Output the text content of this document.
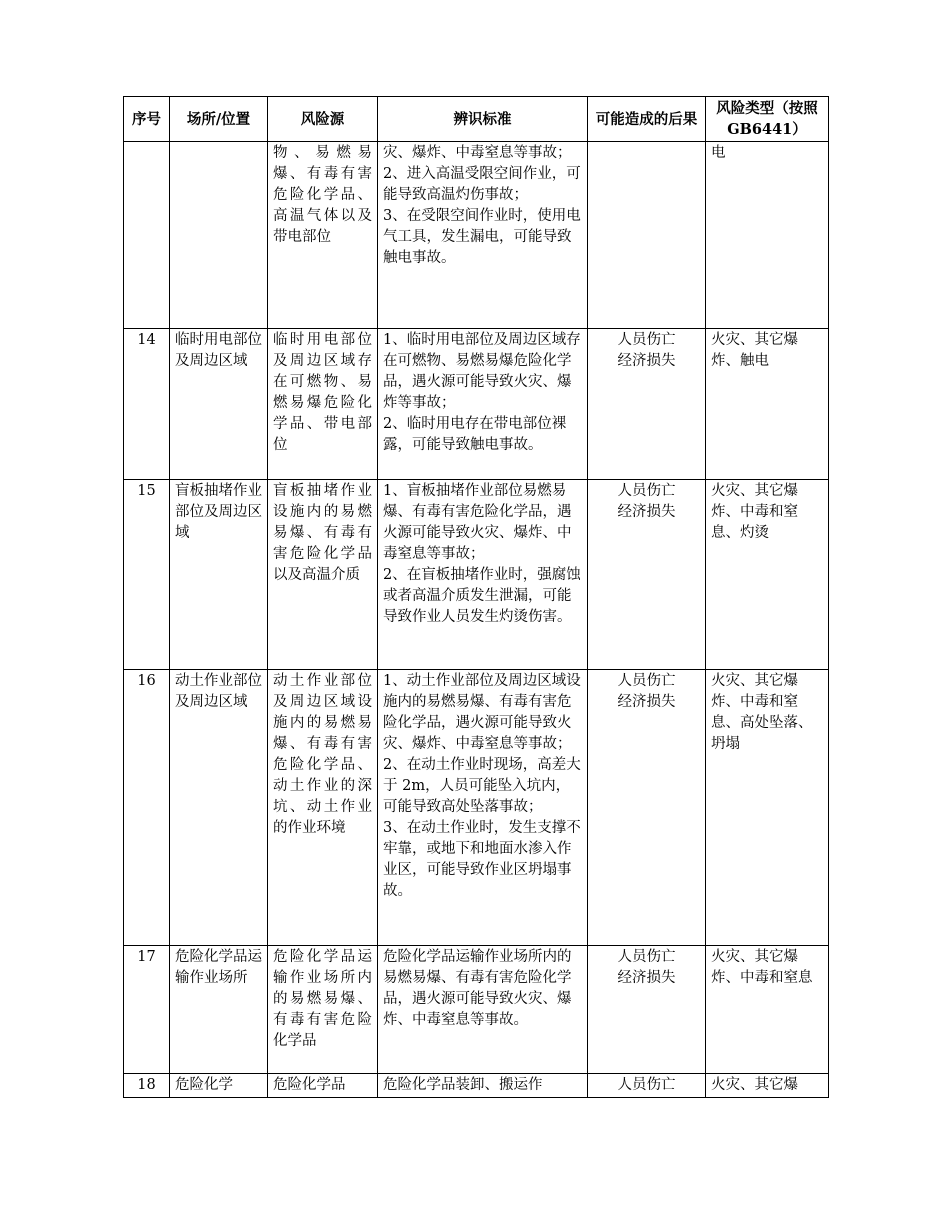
序号	场所/位置	风险源	辨识标准	可能造成的后果	风险类型（按照 GB6441）
		物、易燃易爆、有毒有害危险化学品、高温气体以及带电部位	灾、爆炸、中毒窒息等事故；
2、进入高温受限空间作业，可能导致高温灼伤事故；
3、在受限空间作业时，使用电气工具，发生漏电，可能导致触电事故。		电
14	临时用电部位及周边区域	临时用电部位及周边区域存在可燃物、易燃易爆危险化学品、带电部位	1、临时用电部位及周边区域存在可燃物、易燃易爆危险化学品，遇火源可能导致火灾、爆炸等事故；
2、临时用电存在带电部位裸露，可能导致触电事故。	人员伤亡
经济损失	火灾、其它爆炸、触电
15	盲板抽堵作业部位及周边区域	盲板抽堵作业设施内的易燃易爆、有毒有害危险化学品以及高温介质	1、盲板抽堵作业部位易燃易爆、有毒有害危险化学品，遇火源可能导致火灾、爆炸、中毒窒息等事故；
2、在盲板抽堵作业时，强腐蚀或者高温介质发生泄漏，可能导致作业人员发生灼烫伤害。	人员伤亡
经济损失	火灾、其它爆炸、中毒和窒息、灼烫
16	动土作业部位及周边区域	动土作业部位及周边区域设施内的易燃易爆、有毒有害危险化学品、动土作业的深坑、动土作业的作业环境	1、动土作业部位及周边区域设施内的易燃易爆、有毒有害危险化学品，遇火源可能导致火灾、爆炸、中毒窒息等事故；
2、在动土作业时现场，高差大于 2m，人员可能坠入坑内，可能导致高处坠落事故；
3、在动土作业时，发生支撑不牢靠，或地下和地面水渗入作业区，可能导致作业区坍塌事故。	人员伤亡
经济损失	火灾、其它爆炸、中毒和窒息、高处坠落、坍塌
17	危险化学品运输作业场所	危险化学品运输作业场所内的易燃易爆、有毒有害危险化学品	危险化学品运输作业场所内的易燃易爆、有毒有害危险化学品，遇火源可能导致火灾、爆炸、中毒窒息等事故。	人员伤亡
经济损失	火灾、其它爆炸、中毒和窒息
18	危险化学	危险化学品	危险化学品装卸、搬运作	人员伤亡	火灾、其它爆
